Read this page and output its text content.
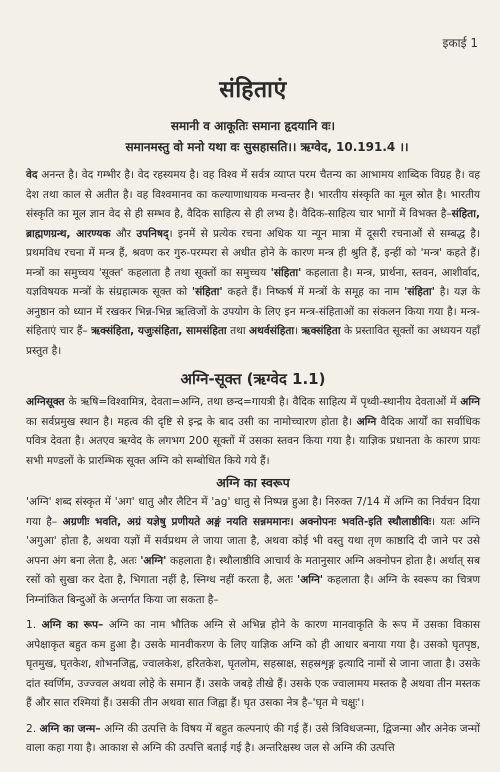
इकाई 1
संहिताएं
समानी व आकूतिः समाना हृदयानि वः।
समानमस्तु वो मनो यथा वः सुसहासति।। ऋग्वेद, 10.191.4 ।।

वेद अनन्त है। वेद गम्भीर है। वेद रहस्यमय है। वह विश्व में सर्वत्र व्याप्त परम चैतन्य का आभामय शाब्दिक विग्रह है। वह देश तथा काल से अतीत है। वह विश्वमानव का कल्याणाधायक मन्वन्तर है। भारतीय संस्कृति का मूल स्रोत है। भारतीय संस्कृति का मूल ज्ञान वेद से ही सम्भव है, वैदिक साहित्य से ही लभ्य है। वैदिक-साहित्य चार भागों में विभक्त है–संहिता, ब्राह्मणग्रन्थ, आरण्यक और उपनिषद्। इनमें से प्रत्येक रचना अधिक या न्यून मात्रा में दूसरी रचनाओं से सम्बद्ध है। प्रथमविध रचना में मन्त्र हैं, श्रवण कर गुरु-परम्परा से अधीत होने के कारण मन्त्र ही श्रुति हैं, इन्हीं को 'मन्त्र' कहते हैं। मन्त्रों का समुच्चय 'सूक्त' कहलाता है तथा सूक्तों का समुच्चय 'संहिता' कहलाता है। मन्त्र, प्रार्थना, स्तवन, आशीर्वाद, यज्ञविषयक मन्त्रों के संग्रहात्मक सूक्त को 'संहिता' कहते हैं। निष्कर्ष में मन्त्रों के समूह का नाम 'संहिता' है। यज्ञ के अनुष्ठान को ध्यान में रखकर भिन्न-भिन्न ऋत्विजों के उपयोग के लिए इन मन्त्र-संहिताओं का संकलन किया गया है। मन्त्र-संहिताएं चार हैं– ऋक्संहिता, यजुःसंहिता, सामसंहिता तथा अथर्वसंहिता। ऋक्संहिता के प्रस्तावित सूक्तों का अध्ययन यहाँ प्रस्तुत है।

अग्नि-सूक्त (ऋग्वेद 1.1)

अग्निसूक्त के ऋषि=विश्वामित्र, देवता=अग्नि, तथा छन्द=गायत्री है। वैदिक साहित्य में पृथ्वी-स्थानीय देवताओं में अग्नि का सर्वप्रमुख स्थान है। महत्व की दृष्टि से इन्द्र के बाद उसी का नामोच्चारण होता है। अग्नि वैदिक आर्यों का सर्वाधिक पवित्र देवता है। अतएव ऋग्वेद के लगभग 200 सूक्तों में उसका स्तवन किया गया है। याज्ञिक प्रधानता के कारण प्रायः सभी मण्डलों के प्रारम्भिक सूक्त अग्नि को सम्बोधित किये गये हैं।

अग्नि का स्वरूप

'अग्नि' शब्द संस्कृत में 'अग' धातु और लैटिन में 'ag' धातु से निष्पन्न हुआ है। निरुक्त 7/14 में अग्नि का निर्वचन दिया गया है– अग्रणीः भवति, अग्रं यज्ञेषु प्रणीयते अङ्गं नयति सन्नममानः। अक्नोपनः भवति-इति स्थौलाष्ठीविः। यतः अग्नि 'अगुआ' होता है, अथवा यज्ञों में सर्वप्रथम ले जाया जाता है, अथवा कोई भी वस्तु यथा तृण काष्ठादि दी जाने पर उसे अपना अंग बना लेता है, अतः 'अग्नि' कहलाता है। स्थौलाष्ठीवि आचार्य के मतानुसार अग्नि अक्नोपन होता है। अर्थात् सब रसों को सुखा कर देता है, भिगाता नहीं है, स्निग्ध नहीं करता है, अतः 'अग्नि' कहलाता है। अग्नि के स्वरूप का चित्रण निम्नांकित बिन्दुओं के अन्तर्गत किया जा सकता है–

1. अग्नि का रूप– अग्नि का नाम भौतिक अग्नि से अभिन्न होने के कारण मानवाकृति के रूप में उसका विकास अपेक्षाकृत बहुत कम हुआ है। उसके मानवीकरण के लिए याज्ञिक अग्नि को ही आधार बनाया गया है। उसको घृतपृष्ठ, घृतमुख, घृतकेश, शोभनजिह्व, ज्वालकेश, हरितकेश, घृतलोम, सहस्राक्ष, सहस्रशृङ्ग इत्यादि नामों से जाना जाता है। उसके दांत स्वर्णिम, उज्ज्वल अथवा लोहे के समान हैं। उसके जबड़े तीखे हैं। उसके एक ज्वालामय मस्तक है अथवा तीन मस्तक हैं और सात रश्मियां हैं। उसकी तीन अथवा सात जिह्वा हैं। घृत उसका नेत्र है–'घृत मे चक्षुः'।

2. अग्नि का जन्म– अग्नि की उत्पत्ति के विषय में बहुत कल्पनाएं की गई हैं। उसे त्रिविधजन्मा, द्विजन्मा और अनेक जन्मों वाला कहा गया है। आकाश से अग्नि की उत्पत्ति बताई गई है। अन्तरिक्षस्थ जल से अग्नि की उत्पत्ति
